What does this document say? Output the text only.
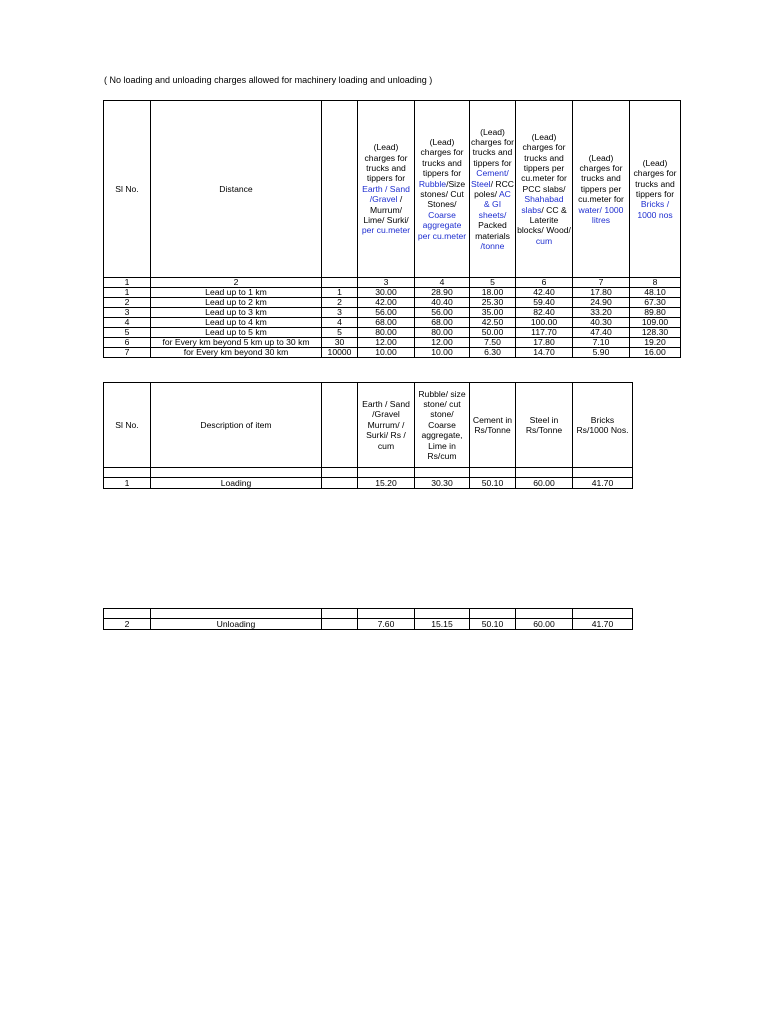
( No loading and unloading charges allowed for machinery loading and unloading )
Sl No.	Distance		(Lead) charges for trucks and tippers for Earth / Sand /Gravel / Murrum/ Lime/ Surki/ per cu.meter	(Lead) charges for trucks and tippers for Rubble/Size stones/ Cut Stones/ Coarse aggregate per cu.meter	(Lead) charges for trucks and tippers for Cement/ Steel/ RCC poles/ AC & GI sheets/ Packed materials /tonne	(Lead) charges for trucks and tippers per cu.meter for PCC slabs/ Shahabad slabs/ CC & Laterite blocks/ Wood/ cum	(Lead) charges for trucks and tippers per cu.meter for water/ 1000 litres	(Lead) charges for trucks and tippers for Bricks / 1000 nos
1	2		3	4	5	6	7	8
1	Lead up to 1 km	1	30.00	28.90	18.00	42.40	17.80	48.10
2	Lead up to 2 km	2	42.00	40.40	25.30	59.40	24.90	67.30
3	Lead up to 3 km	3	56.00	56.00	35.00	82.40	33.20	89.80
4	Lead up to 4 km	4	68.00	68.00	42.50	100.00	40.30	109.00
5	Lead up to 5 km	5	80.00	80.00	50.00	117.70	47.40	128.30
6	for Every km beyond 5 km up to 30 km	30	12.00	12.00	7.50	17.80	7.10	19.20
7	for Every km beyond 30 km	10000	10.00	10.00	6.30	14.70	5.90	16.00
Sl No.	Description of item		Earth / Sand /Gravel Murrum/ / Surki/ Rs / cum	Rubble/ size stone/ cut stone/ Coarse aggregate, Lime in Rs/cum	Cement in Rs/Tonne	Steel in Rs/Tonne	Bricks Rs/1000 Nos.

1	Loading		15.20	30.30	50.10	60.00	41.70

2	Unloading		7.60	15.15	50.10	60.00	41.70
